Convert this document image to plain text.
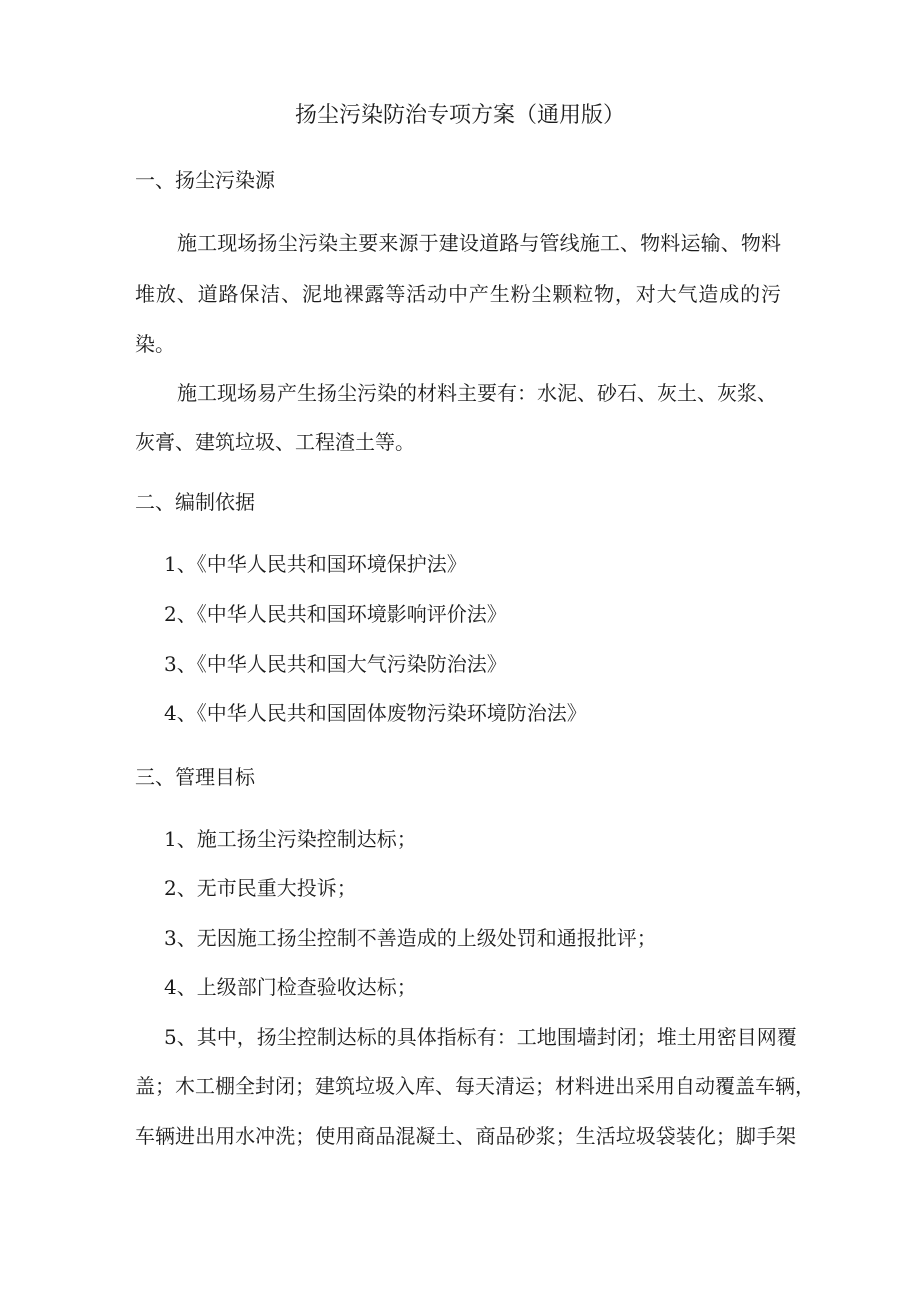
扬尘污染防治专项方案（通用版）
一、扬尘污染源
施工现场扬尘污染主要来源于建设道路与管线施工、物料运输、物料
堆放、道路保洁、泥地裸露等活动中产生粉尘颗粒物，对大气造成的污
染。
施工现场易产生扬尘污染的材料主要有：水泥、砂石、灰土、灰浆、
灰膏、建筑垃圾、工程渣土等。
二、编制依据
1、《中华人民共和国环境保护法》
2、《中华人民共和国环境影响评价法》
3、《中华人民共和国大气污染防治法》
4、《中华人民共和国固体废物污染环境防治法》
三、管理目标
1、施工扬尘污染控制达标；
2、无市民重大投诉；
3、无因施工扬尘控制不善造成的上级处罚和通报批评；
4、上级部门检查验收达标；
5、其中，扬尘控制达标的具体指标有：工地围墙封闭；堆土用密目网覆
盖；木工棚全封闭；建筑垃圾入库、每天清运；材料进出采用自动覆盖车辆，
车辆进出用水冲洗；使用商品混凝土、商品砂浆；生活垃圾袋装化；脚手架
